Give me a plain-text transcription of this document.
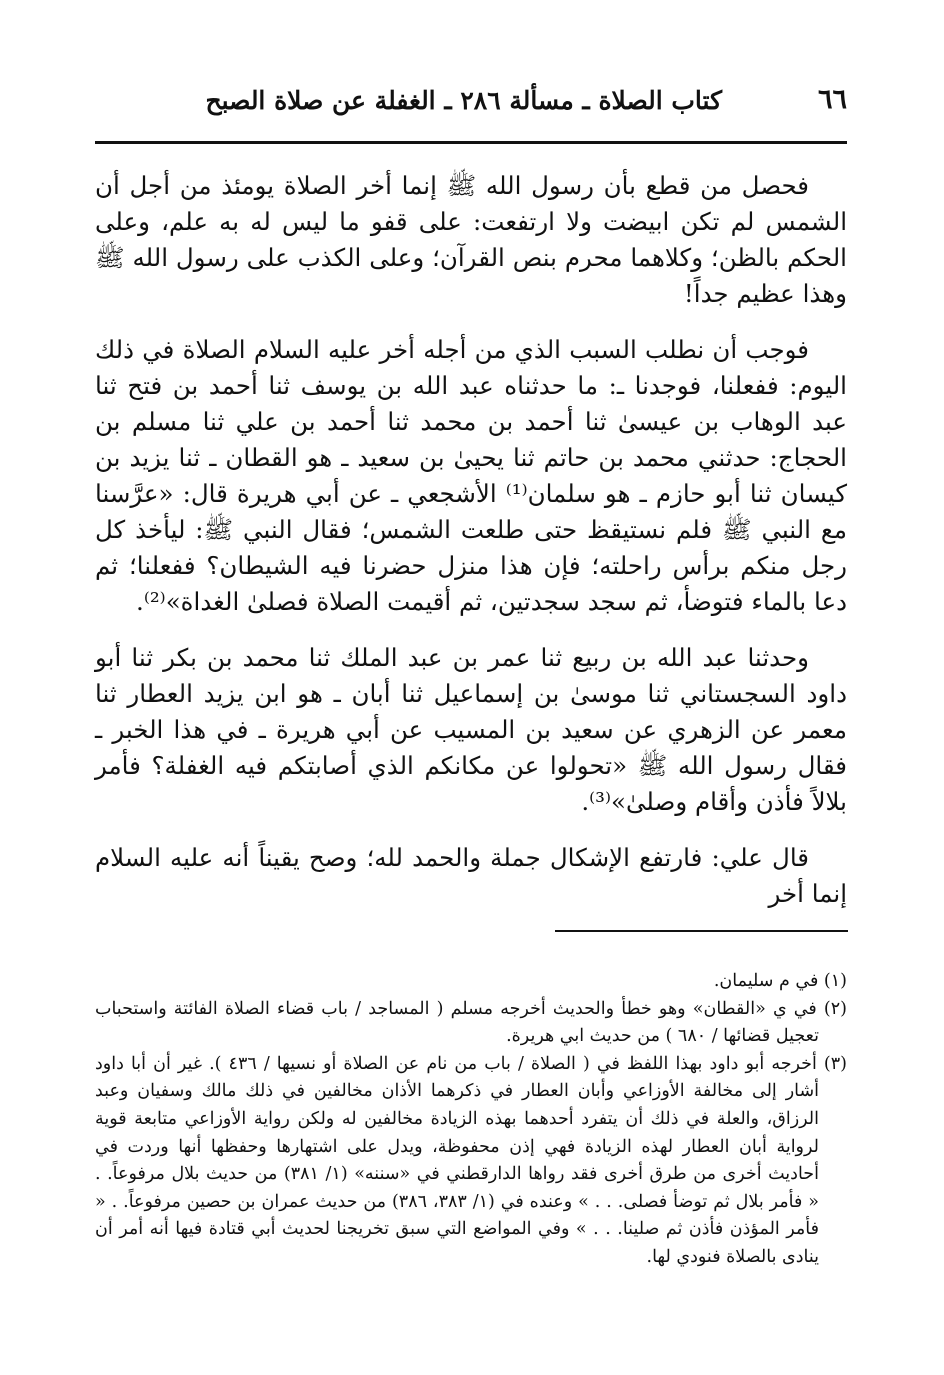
٦٦
كتاب الصلاة ـ مسألة ٢٨٦ ـ الغفلة عن صلاة الصبح

فحصل من قطع بأن رسول الله ﷺ إنما أخر الصلاة يومئذ من أجل أن الشمس لم تكن ابيضت ولا ارتفعت: على قفو ما ليس له به علم، وعلى الحكم بالظن؛ وكلاهما محرم بنص القرآن؛ وعلى الكذب على رسول الله ﷺ وهذا عظيم جداً!

فوجب أن نطلب السبب الذي من أجله أخر عليه السلام الصلاة في ذلك اليوم: ففعلنا، فوجدنا ـ: ما حدثناه عبد الله بن يوسف ثنا أحمد بن فتح ثنا عبد الوهاب بن عيسىٰ ثنا أحمد بن محمد ثنا أحمد بن علي ثنا مسلم بن الحجاج: حدثني محمد بن حاتم ثنا يحيىٰ بن سعيد ـ هو القطان ـ ثنا يزيد بن كيسان ثنا أبو حازم ـ هو سلمان⁽¹⁾ الأشجعي ـ عن أبي هريرة قال: «عرَّسنا مع النبي ﷺ فلم نستيقظ حتى طلعت الشمس؛ فقال النبي ﷺ: ليأخذ كل رجل منكم برأس راحلته؛ فإن هذا منزل حضرنا فيه الشيطان؟ ففعلنا؛ ثم دعا بالماء فتوضأ، ثم سجد سجدتين، ثم أقيمت الصلاة فصلىٰ الغداة»⁽²⁾.

وحدثنا عبد الله بن ربيع ثنا عمر بن عبد الملك ثنا محمد بن بكر ثنا أبو داود السجستاني ثنا موسىٰ بن إسماعيل ثنا أبان ـ هو ابن يزيد العطار ثنا معمر عن الزهري عن سعيد بن المسيب عن أبي هريرة ـ في هذا الخبر ـ فقال رسول الله ﷺ «تحولوا عن مكانكم الذي أصابتكم فيه الغفلة؟ فأمر بلالاً فأذن وأقام وصلىٰ»⁽³⁾.

قال علي: فارتفع الإشكال جملة والحمد لله؛ وصح يقيناً أنه عليه السلام إنما أخر

(١) في م سليمان.

(٢) في ي «القطان» وهو خطأ والحديث أخرجه مسلم ( المساجد / باب قضاء الصلاة الفائتة واستحباب تعجيل قضائها / ٦٨٠ ) من حديث ابي هريرة.

(٣) أخرجه أبو داود بهذا اللفظ في ( الصلاة / باب من نام عن الصلاة أو نسيها / ٤٣٦ ). غير أن أبا داود أشار إلى مخالفة الأوزاعي وأبان العطار في ذكرهما الأذان مخالفين في ذلك مالك وسفيان وعبد الرزاق، والعلة في ذلك أن يتفرد أحدهما بهذه الزيادة مخالفين له ولكن رواية الأوزاعي متابعة قوية لرواية أبان العطار لهذه الزيادة فهي إذن محفوظة، ويدل على اشتهارها وحفظها أنها وردت في أحاديث أخرى من طرق أخرى فقد رواها الدارقطني في «سننه» (١/ ٣٨١) من حديث بلال مرفوعاً. . « فأمر بلال ثم توضأ فصلى. . . » وعنده في (١/ ٣٨٣، ٣٨٦) من حديث عمران بن حصين مرفوعاً. . « فأمر المؤذن فأذن ثم صلينا. . . » وفي المواضع التي سبق تخريجنا لحديث أبي قتادة فيها أنه أمر أن ينادى بالصلاة فنودي لها.
